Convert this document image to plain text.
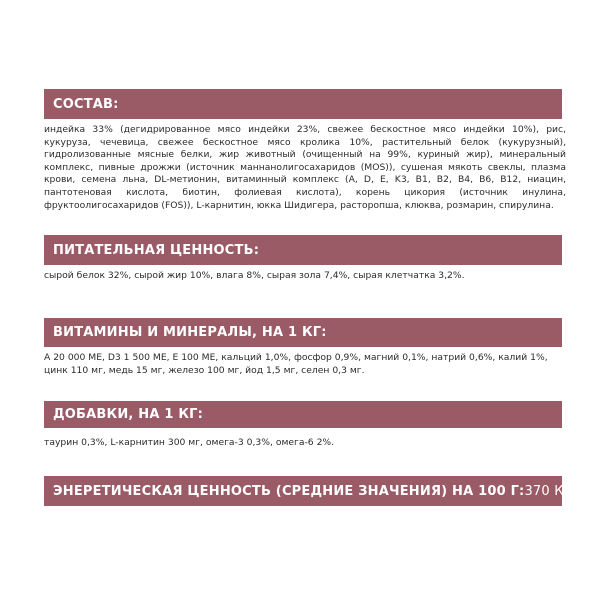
СОСТАВ:
индейка 33% (дегидрированное мясо индейки 23%, свежее бескостное мясо индейки 10%), рис, кукуруза, чечевица, свежее бескостное мясо кролика 10%, растительный белок (кукурузный), гидролизованные мясные белки, жир животный (очищенный на 99%, куриный жир), минеральный комплекс, пивные дрожжи (источник маннанолигосахаридов (MOS)), сушеная мякоть свеклы, плазма крови, семена льна, DL-метионин, витаминный комплекс (A, D, E, K3, B1, B2, B4, B6, B12, ниацин, пантотеновая кислота, биотин, фолиевая кислота), корень цикория (источник инулина, фруктоолигосахаридов (FOS)), L-карнитин, юкка Шидигера, расторопша, клюква, розмарин, спирулина.
ПИТАТЕЛЬНАЯ ЦЕННОСТЬ:
сырой белок 32%, сырой жир 10%, влага 8%, сырая зола 7,4%, сырая клетчатка 3,2%.
ВИТАМИНЫ И МИНЕРАЛЫ, НА 1 КГ:
A 20 000 ME, D3 1 500 ME, E 100 ME, кальций 1,0%, фосфор 0,9%, магний 0,1%, натрий 0,6%, калий 1%,
цинк 110 мг, медь 15 мг, железо 100 мг, йод 1,5 мг, селен 0,3 мг.
ДОБАВКИ, НА 1 КГ:
таурин 0,3%, L-карнитин 300 мг, омега-3 0,3%, омега-6 2%.
ЭНЕРЕТИЧЕСКАЯ ЦЕННОСТЬ (СРЕДНИЕ ЗНАЧЕНИЯ) НА 100 Г: 370 ККАЛ.
